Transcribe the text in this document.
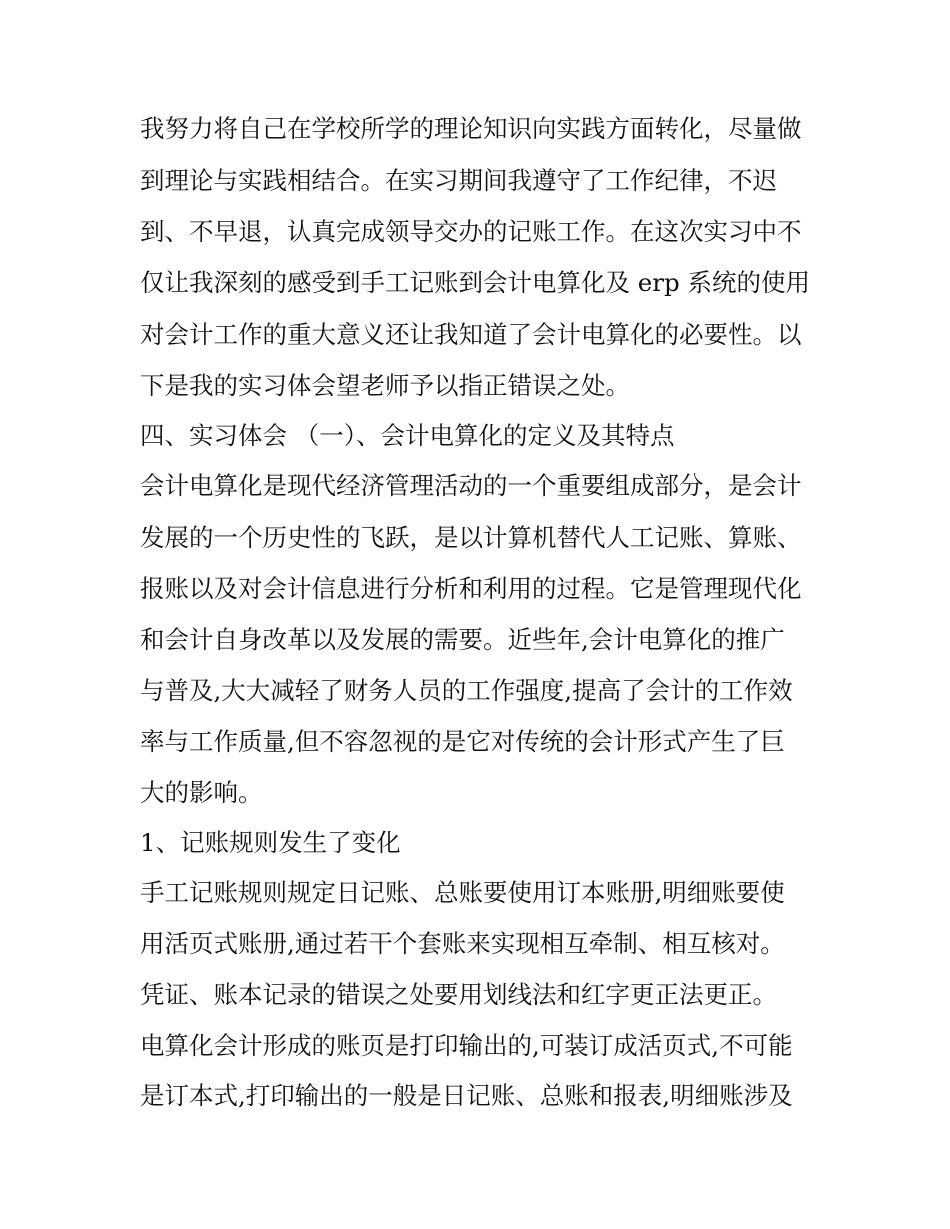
我努力将自己在学校所学的理论知识向实践方面转化，尽量做

到理论与实践相结合。在实习期间我遵守了工作纪律，不迟

到、不早退，认真完成领导交办的记账工作。在这次实习中不

仅让我深刻的感受到手工记账到会计电算化及 erp 系统的使用

对会计工作的重大意义还让我知道了会计电算化的必要性。以

下是我的实习体会望老师予以指正错误之处。

四、实习体会 （一）、会计电算化的定义及其特点

会计电算化是现代经济管理活动的一个重要组成部分，是会计

发展的一个历史性的飞跃，是以计算机替代人工记账、算账、

报账以及对会计信息进行分析和利用的过程。它是管理现代化

和会计自身改革以及发展的需要。近些年,会计电算化的推广

与普及,大大减轻了财务人员的工作强度,提高了会计的工作效

率与工作质量,但不容忽视的是它对传统的会计形式产生了巨

大的影响。

1、记账规则发生了变化

手工记账规则规定日记账、总账要使用订本账册,明细账要使

用活页式账册,通过若干个套账来实现相互牵制、相互核对。

凭证、账本记录的错误之处要用划线法和红字更正法更正。

电算化会计形成的账页是打印输出的,可装订成活页式,不可能

是订本式,打印输出的一般是日记账、总账和报表,明细账涉及
